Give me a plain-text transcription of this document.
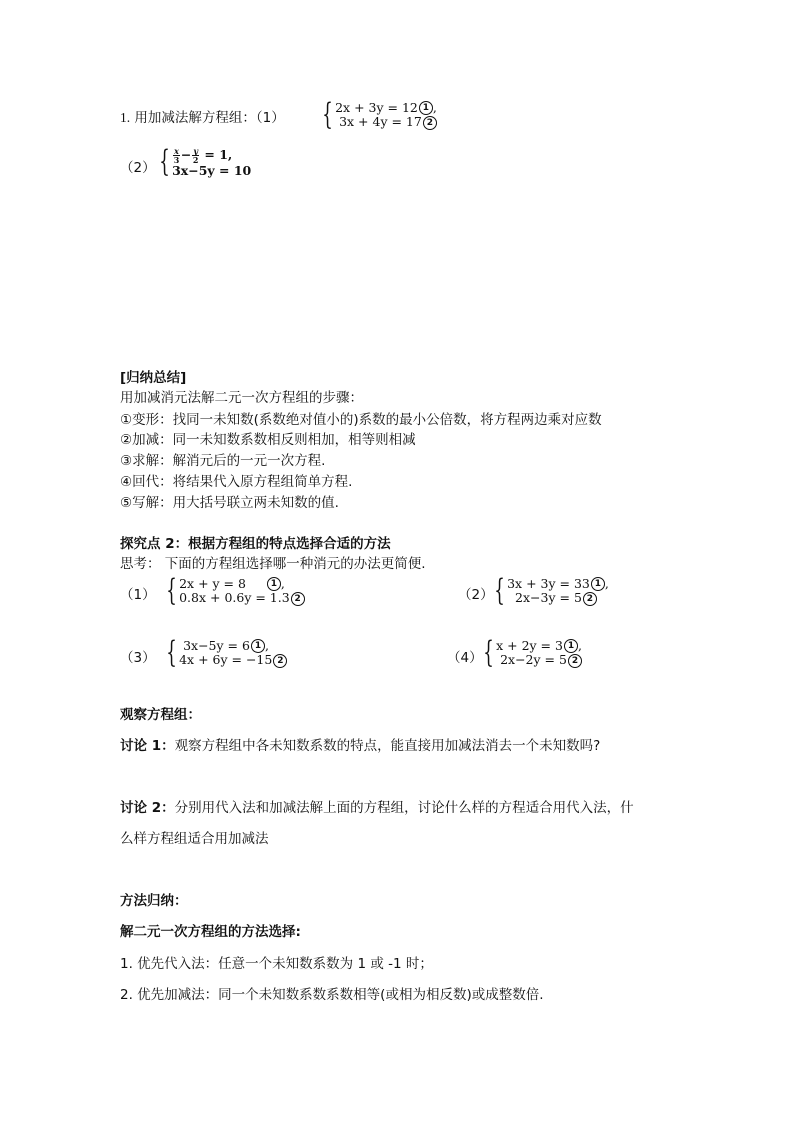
1. 用加减法解方程组：（1） { 2x + 3y = 12 1 ,
3x + 4y = 17 2
（2） { $\frac{x}{3} - \frac{y}{2} = 1$,
3x−5y = 10
[归纳总结]
用加减消元法解二元一次方程组的步骤：
①变形：找同一未知数(系数绝对值小的)系数的最小公倍数，将方程两边乘对应数
②加减：同一未知数系数相反则相加，相等则相减
③求解：解消元后的一元一次方程.
④回代：将结果代入原方程组简单方程.
⑤写解：用大括号联立两未知数的值.
探究点 2：根据方程组的特点选择合适的方法
思考： 下面的方程组选择哪一种消元的办法更简便.
（1） { 2x + y = 8	1 ,
0.8x + 0.6y = 1.3 2	（2） { 3x + 3y = 33 1 ,
2x−3y = 5 2
（3） { 3x−5y = 6 1 ,
4x + 6y = −15 2	（4） { x + 2y = 3 1 ,
2x−2y = 5 2
观察方程组：
讨论 1：观察方程组中各未知数系数的特点，能直接用加减法消去一个未知数吗?
讨论 2：分别用代入法和加减法解上面的方程组，讨论什么样的方程适合用代入法，什
么样方程组适合用加减法
方法归纳：
解二元一次方程组的方法选择:
1. 优先代入法：任意一个未知数系数为 1 或 -1 时；
2. 优先加减法：同一个未知数系数系数相等(或相为相反数)或成整数倍.
